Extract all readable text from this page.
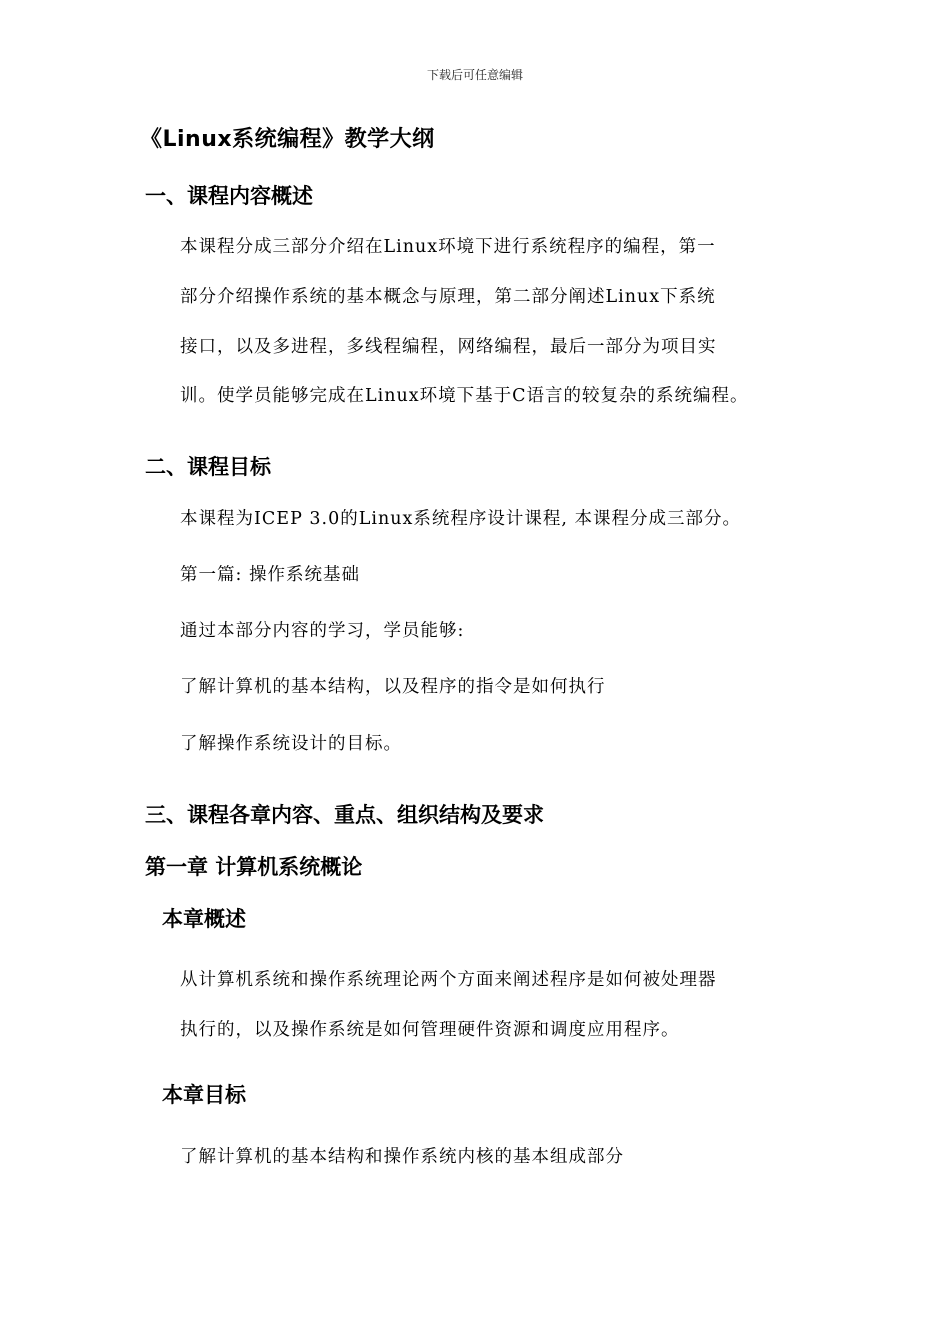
下载后可任意编辑
《Linux系统编程》教学大纲
一、课程内容概述
本课程分成三部分介绍在Linux环境下进行系统程序的编程，第一
部分介绍操作系统的基本概念与原理，第二部分阐述Linux下系统
接口，以及多进程，多线程编程，网络编程，最后一部分为项目实
训。使学员能够完成在Linux环境下基于C语言的较复杂的系统编程。
二、课程目标
本课程为ICEP 3.0的Linux系统程序设计课程, 本课程分成三部分。
第一篇: 操作系统基础
通过本部分内容的学习，学员能够:
了解计算机的基本结构，以及程序的指令是如何执行
了解操作系统设计的目标。
三、课程各章内容、重点、组织结构及要求
第一章 计算机系统概论
本章概述
从计算机系统和操作系统理论两个方面来阐述程序是如何被处理器
执行的，以及操作系统是如何管理硬件资源和调度应用程序。
本章目标
了解计算机的基本结构和操作系统内核的基本组成部分
